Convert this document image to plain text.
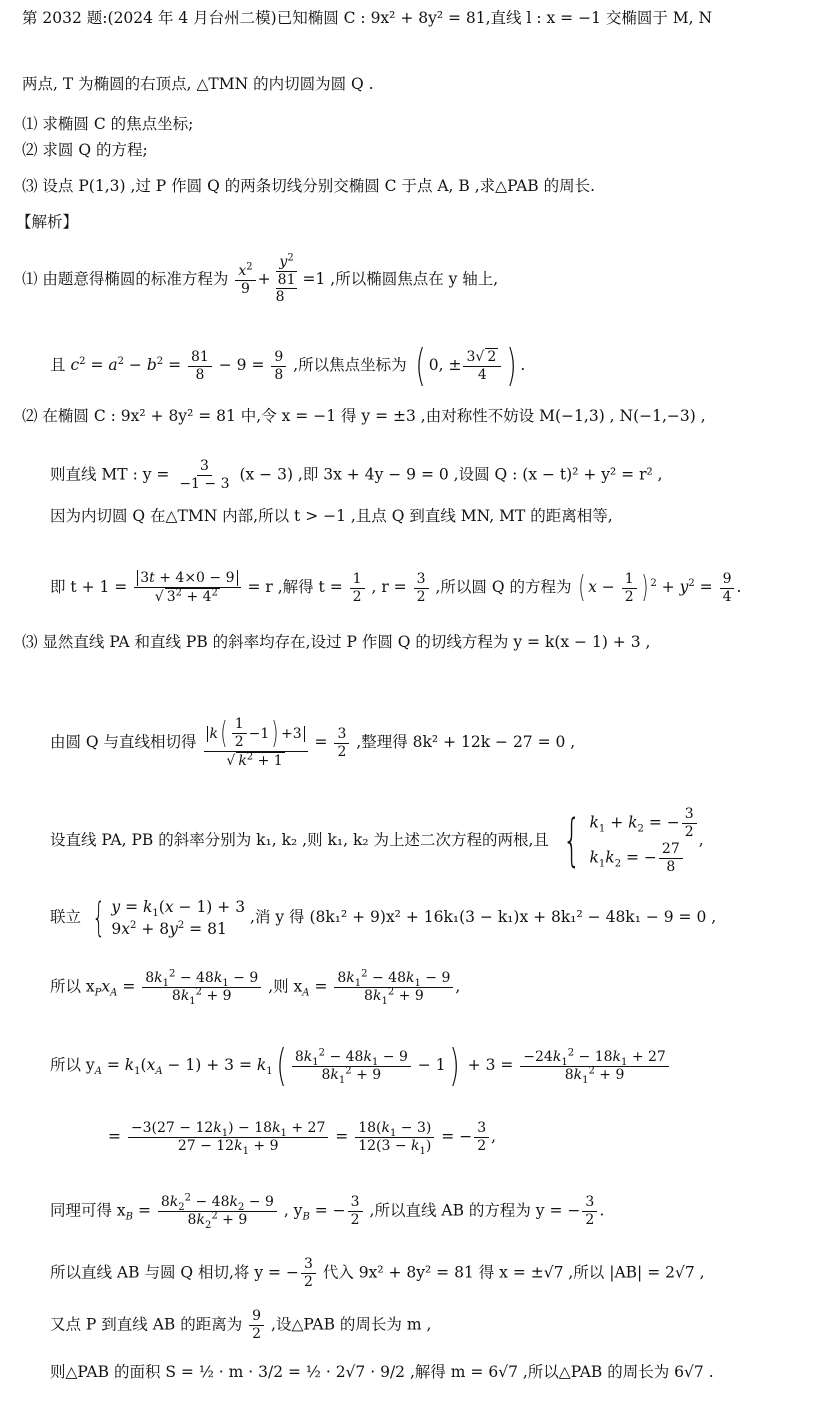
第 2032 题:(2024 年 4 月台州二模)已知椭圆 C : 9x² + 8y² = 81,直线 l : x = −1 交椭圆于 M, N
两点, T 为椭圆的右顶点, △TMN 的内切圆为圆 Q .
⑴ 求椭圆 C 的焦点坐标;
⑵ 求圆 Q 的方程;
⑶ 设点 P(1,3) ,过 P 作圆 Q 的两条切线分别交椭圆 C 于点 A, B ,求△PAB 的周长.
【解析】
⑴ 由题意得椭圆的标准方程为 $\frac{x^2}{9}$ +
$y^2$
81
8
=1 ,所以椭圆焦点在 y 轴上,
且 $c^2 = a^2 - b^2 = \frac{81}{8} - 9 = \frac{9}{8}$ ,所以焦点坐标为 ( 0, ± $\frac{3√ 2}{4}$ ) .
⑵ 在椭圆 C : 9x² + 8y² = 81 中,令 x = −1 得 y = ±3 ,由对称性不妨设 M(−1,3) , N(−1,−3) ,
则直线 MT : $y = \frac{3}{-1 - 3} (x - 3)$ ,即 3x + 4y − 9 = 0 ,设圆 Q : (x − t)² + y² = r² ,
因为内切圆 Q 在△TMN 内部,所以 t > −1 ,且点 Q 到直线 MN, MT 的距离相等,
即 t + 1 = 3t + 4×0 − 9
√ $3^2 + 4^2 = r$ ,解得 $t = \frac{1}{2}$ , $r = \frac{3}{2}$ ,所以圆 Q 的方程为 ( $x - \frac{1}{2}$ ) $^2 + y^2 = \frac{9}{4}$ .
⑶ 显然直线 PA 和直线 PB 的斜率均存在,设过 P 作圆 Q 的切线方程为 y = k(x − 1) + 3 ,
由圆 Q 与直线相切得 $k( \frac{1}{2} -1) +3$
√ $k^2 + 1 = \frac{3}{2}$ ,整理得 8k² + 12k − 27 = 0 ,
设直线 PA, PB 的斜率分别为 k₁, k₂ ,则 k₁, k₂ 为上述二次方程的两根,且 { $k_1 + k_2$ = − $\frac{3}{2}$
$k_1k_2$ = − $\frac{27}{8}$
,
联立 { $y = k_1(x - 1) + 3$
$9x^2 + 8y^2 = 81$
,消 y 得 (8k₁² + 9)x² + 16k₁(3 − k₁)x + 8k₁² − 48k₁ − 9 = 0 ,
所以 $x_Px_A = \frac{8k_1^2 - 48k_1 - 9}{8k_1^2 + 9}$ ,则 $x_A = \frac{8k_1^2 - 48k_1 - 9}{8k_1^2 + 9}$ ,
所以 $y_A = k_1(x_A - 1) + 3 = k_1( \frac{8k_1^2 - 48k_1 - 9}{8k_1^2 + 9} - 1) + 3 = \frac{-24k_1^2 - 18k_1 + 27}{8k_1^2 + 9}$
= $\frac{-3(27 - 12k_1) - 18k_1 + 27}{27 - 12k_1 + 9} = \frac{18(k_1 - 3)}{12(3 - k_1)}$ = − $\frac{3}{2}$ ,
同理可得 $x_B = \frac{8k_2^2 - 48k_2 - 9}{8k_2^2 + 9}$ , $y_B$ = − $\frac{3}{2}$ ,所以直线 AB 的方程为 y = − $\frac{3}{2}$ .
所以直线 AB 与圆 Q 相切,将 y = − $\frac{3}{2}$ 代入 9x² + 8y² = 81 得 x = ±√7 ,所以 |AB| = 2√7 ,
又点 P 到直线 AB 的距离为 $\frac{9}{2}$ ,设△PAB 的周长为 m ,
则△PAB 的面积 S = ½ · m · 3/2 = ½ · 2√7 · 9/2 ,解得 m = 6√7 ,所以△PAB 的周长为 6√7 .
